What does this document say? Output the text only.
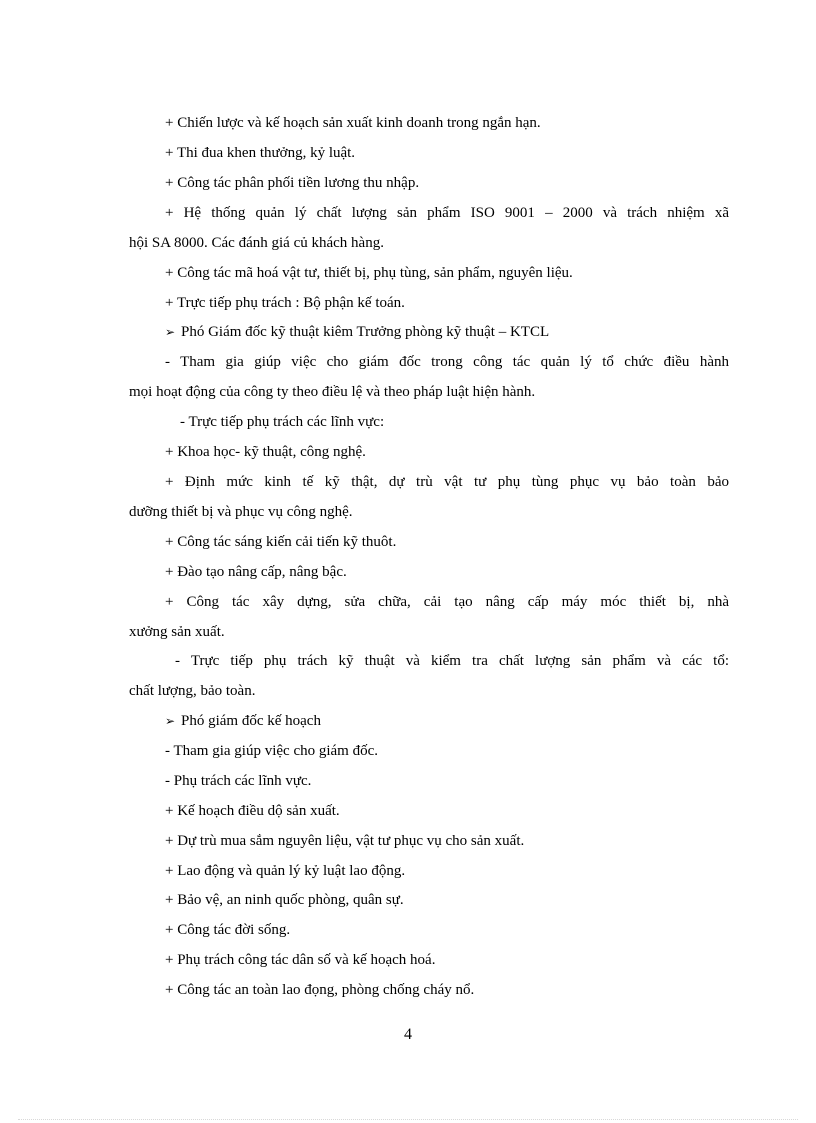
+ Chiến lược và kế hoạch sản xuất kinh doanh trong ngắn hạn.
+ Thi đua khen thưởng, kỷ luật.
+ Công tác phân phối tiền lương thu nhập.
+ Hệ thống quản lý chất lượng sản phẩm ISO 9001 – 2000 và trách nhiệm xã
hội SA 8000. Các đánh giá củ khách hàng.
+ Công tác mã hoá vật tư, thiết bị, phụ tùng, sản phẩm, nguyên liệu.
+ Trực tiếp phụ trách : Bộ phận kế toán.
➢ Phó Giám đốc kỹ thuật kiêm Trưởng phòng kỹ thuật – KTCL
- Tham gia giúp việc cho giám đốc trong công tác quản lý tổ chức điều hành
mọi hoạt động của công ty theo điều lệ và theo pháp luật hiện hành.
- Trực tiếp phụ trách các lĩnh vực:
+ Khoa học- kỹ thuật, công nghệ.
+ Định mức kinh tế kỹ thật, dự trù vật tư phụ tùng phục vụ bảo toàn bảo
dưỡng thiết bị và phục vụ công nghệ.
+ Công tác sáng kiến cải tiến kỹ thuôt.
+ Đào tạo nâng cấp, nâng bậc.
+ Công tác xây dựng, sửa chữa, cải tạo nâng cấp máy móc thiết bị, nhà
xưởng sản xuất.
- Trực tiếp phụ trách kỹ thuật và kiểm tra chất lượng sản phẩm và các tổ:
chất lượng, bảo toàn.
➢ Phó giám đốc kế hoạch
- Tham gia giúp việc cho giám đốc.
- Phụ trách các lĩnh vực.
+ Kế hoạch điều dộ sản xuất.
+ Dự trù mua sắm nguyên liệu, vật tư phục vụ cho sản xuất.
+ Lao động và quản lý kỷ luật lao động.
+ Bảo vệ, an ninh quốc phòng, quân sự.
+ Công tác đời sống.
+ Phụ trách công tác dân số và kế hoạch hoá.
+ Công tác an toàn lao đọng, phòng chống cháy nổ.
4
